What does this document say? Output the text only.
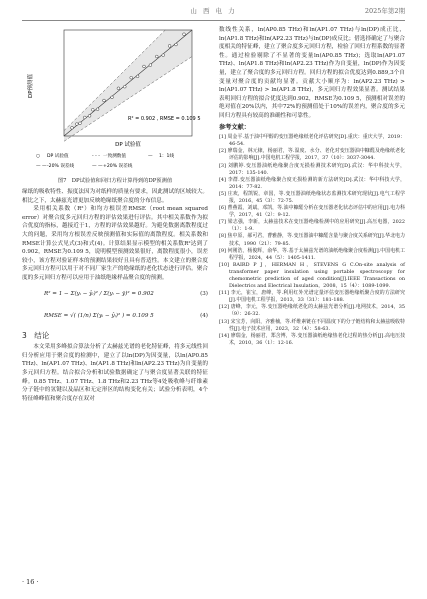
山 西 电 力	2025年第2期
DP预测值
DP 试验值
R² = 0.902 , RMSE = 0.109 5
○ DP 试验值	- - - 一致测数值	— 1：1线
— — -20% 误差线	— — +20% 误差线
图7　DP试验值和回归方程计算得到的DP预测值

缘纸的吸收特性、振度法因为对纸样的质量有要求，因此测试的区域较大。相比之下，太赫兹光谱更加反映绝缘纸聚合度的分布信息。

采用相关系数（R²）和均方根误差RMSE（root mean squared error）对聚合度多元回归方程的评估效果进行评估。其中相关系数作为拟合优度的指标，越接近于1，方程的评估效果越好。为避免数据离散程度过大的问题，采用均方根误差反映预测值和实际值的离散程度。相关系数和RMSE计算公式见式(3)和式(4)。计算结果显示模型的相关系数R²达到了0.902，RMSE为0.109 5，说明模型预测效果很好，离散程度很小，误差较小，该方程对验证样本的预测结果较好且具有普适性。本文建立的聚合度多元回归方程可以用于对不同厂家生产的绝缘纸的老化状态进行评估。聚合度的多元回归方程可以应用于油纸绝缘样品聚合度的预测。

R² = 1 − Σ(yᵢ − ŷᵢ)² / Σ(yᵢ − ȳ)² = 0.902	(3)
RMSE = √( (1/n) Σ(yᵢ − ŷᵢ)² ) = 0.109 5	(4)
3　结论

本文采用多峰拟合算法分析了太赫兹光谱的老化特征峰，将多元线性回归分析应用于聚合度的检测中，建立了以ln(DP)为因变量，以ln(AP0.85 THz)、ln(AP1.07 THz)、ln(AP1.8 THz)和ln(AP2.23 THz)为自变量的多元回归方程。结合拟合分析和试验数据确定了与聚合度显著关联的特征峰。0.85 THz、1.07 THz、1.8 THz和2.23 THz等4处吸收峰与纤维素分子链中的氢键以及晶区和无定形区的结构变化有关；试验分析表明，4个特征峰峰值和聚合度存在双对

数线性关系，ln(AP0.85 THz)和ln(AP1.07 THz)与ln(DP)成正比，ln(AP1.8 THz)和ln(AP2.23 THz)与ln(DP)成反比；借选择确定了与聚合度相关的特征峰，建立了聚合度多元回归方程，检验了回归方程系数的显著性。通过检验剔除了不显著的变量ln(AP0.85 THz)；选取ln(AP1.07 THz)、ln(AP1.8 THz)和ln(AP2.23 THz)作为自变量，ln(DP)作为因变量，建立了聚合度的多元回归方程。回归方程的拟合优度达到0.889,3个自变量对聚合度的贡献均显著。贡献大小顺序为：ln(AP2.23 THz) > ln(AP1.07 THz) > ln(AP1.8 THz)，多元回归方程效果显著。测试结果表明回归方程的拟合优度达到0.902，RMSE为0.109 5，预测相对误差的绝对值在20%以内，其中72%的预测值处于10%的误差内，聚合度的多元回归方程具有较高的准确性和可靠性。

参考文献：
[1] 周金平.基于油中甲醇的变压器绝缘纸老化评估研究[D].重庆：重庆大学，2019：46-54.
[2] 廖瑞金，林元棣，杨丽君，等.温度、水分、老化对变压器油中糠醛及绝缘纸老化评估的影响[J].中国电机工程学报，2017，37（10）：3037-3044.
[3] 刘鹏婷.变压器油纸绝缘聚合度无损检测技术研究[D].武汉：华中科技大学，2017：135-140.
[4] 李群.变压器油纸绝缘聚合度无损检测的新方法研究[D].武汉：华中科技大学，2014：77-82.
[5] 庄欢，程凯锐，章国，等.变压器油纸绝缘状态监测技术研究现状[J].电气工程学报，2016，45（3）：72-75.
[6] 曹燕霞，刘斌，邓凯，等.油中糠醛分析在变压器老化状态评估中的应用[J].电力科学，2017，41（2）：9-12.
[7] 梁志强，李新，太赫兹技术在变压器绝缘检测中的应用研究[J].高压电器，2022（1）：1-9.
[8] 焦中原，郝可君，曹雅静，等.变压器油中糠醛含量与聚合度关系研究[J].华北电力技术，1990（21）：79-85.
[9] 何刚浩，杨俊辉，俞华，等.基于太赫兹光谱的油纸绝缘聚合度检测[J].中国电机工程学报，2024，44（5）：1405-1411.
[10] BAIRD P J，HERMAN H，STEVENS G C.On-site analysis of transformer paper insulation using portable spectroscopy for chemometric prediction of aged condition[J].IEEE Transactions on Dielectrics and Electrical Insulation，2008，15（4）：1089-1099.
[11] 李元，崔宝，唐峰，等.利用红外光谱定量评估变压器绝缘纸聚合度的方法研究[J].中国电机工程学报，2013，33（31）：181-188.
[12] 唐峰，李元，等.变压器绝缘纸老化的太赫兹光谱分析[J].电网技术，2014，35（9）：26-32.
[13] 宋宝芳，向阳，齐雅楠，等.纤维素链在不同温度下的分子链结构和太赫兹吸收特性[J].电子技术应用，2023，32（4）：58-63.
[14] 廖瑞金，杨丽君，郑含博，等.变压器油纸绝缘热老化过程的热分析[J].高电压技术，2010，36（1）：12-16.
· 16 ·
